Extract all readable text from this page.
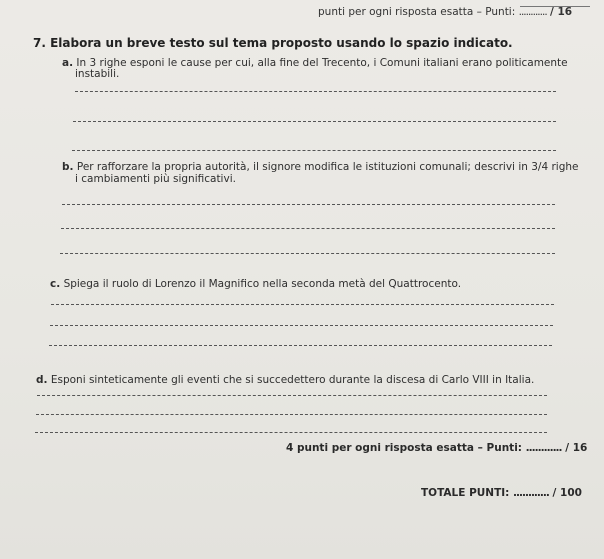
punti per ogni risposta esatta – Punti: ............ / 16
7. Elabora un breve testo sul tema proposto usando lo spazio indicato.
a. In 3 righe esponi le cause per cui, alla fine del Trecento, i Comuni italiani erano politicamente
instabili.
b. Per rafforzare la propria autorità, il signore modifica le istituzioni comunali; descrivi in 3/4 righe
i cambiamenti più significativi.
c. Spiega il ruolo di Lorenzo il Magnifico nella seconda metà del Quattrocento.
d. Esponi sinteticamente gli eventi che si succedettero durante la discesa di Carlo VIII in Italia.
4 punti per ogni risposta esatta – Punti: ............ / 16
TOTALE PUNTI: ............ / 100
